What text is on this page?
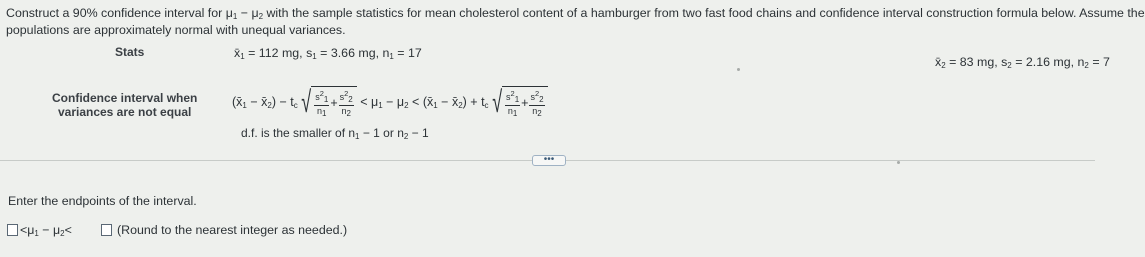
Construct a 90% confidence interval for $\mu_1 - \mu_2$ with the sample statistics for mean cholesterol content of a hamburger from two fast food chains and confidence interval construction formula below. Assume the
populations are approximately normal with unequal variances.
Stats	$x̄_1 = 112$ mg, $s_1 = 3.66$ mg, $n_1 = 17$
$x̄_2 = 83$ mg, $s_2 = 2.16$ mg, $n_2 = 7$
Confidence interval when
variances are not equal
($x̄_1$ − $x̄_2) - t_c$ √ $\frac{s^21}{n1} + \frac{s^22}{n2} < \mu_1 - \mu_2$ < ($x̄_1$ − $x̄_2) + t_c$ √ $\frac{s^21}{n1} + \frac{s^22}{n2}$
d.f. is the smaller of $n_1 - 1$ or $n_2 - 1$
•••
Enter the endpoints of the interval.
$<\mu_1 - \mu_2<$	(Round to the nearest integer as needed.)
